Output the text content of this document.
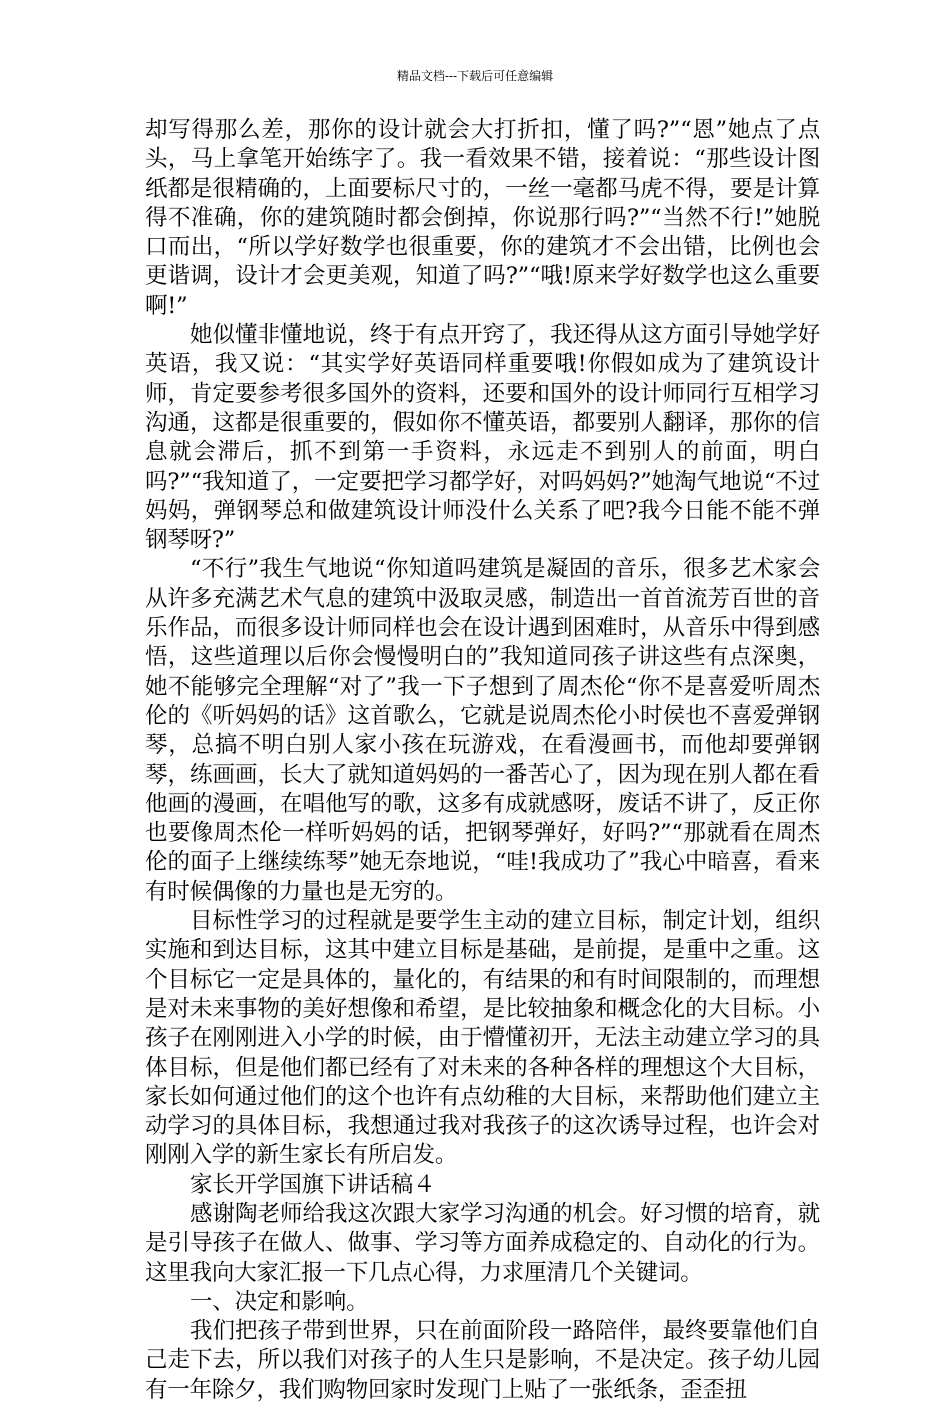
精品文档---下载后可任意编辑

却写得那么差，那你的设计就会大打折扣，懂了吗?”“恩”她点了点头，马上拿笔开始练字了。我一看效果不错，接着说：“那些设计图纸都是很精确的，上面要标尺寸的，一丝一毫都马虎不得，要是计算得不准确，你的建筑随时都会倒掉，你说那行吗?”“当然不行!”她脱口而出，“所以学好数学也很重要，你的建筑才不会出错，比例也会更谐调，设计才会更美观，知道了吗?”“哦!原来学好数学也这么重要啊!”

她似懂非懂地说，终于有点开窍了，我还得从这方面引导她学好英语，我又说：“其实学好英语同样重要哦!你假如成为了建筑设计师，肯定要参考很多国外的资料，还要和国外的设计师同行互相学习沟通，这都是很重要的，假如你不懂英语，都要别人翻译，那你的信息就会滞后，抓不到第一手资料，永远走不到别人的前面，明白吗?”“我知道了，一定要把学习都学好，对吗妈妈?”她淘气地说“不过妈妈，弹钢琴总和做建筑设计师没什么关系了吧?我今日能不能不弹钢琴呀?”

“不行”我生气地说“你知道吗建筑是凝固的音乐，很多艺术家会从许多充满艺术气息的建筑中汲取灵感，制造出一首首流芳百世的音乐作品，而很多设计师同样也会在设计遇到困难时，从音乐中得到感悟，这些道理以后你会慢慢明白的”我知道同孩子讲这些有点深奥，她不能够完全理解“对了”我一下子想到了周杰伦“你不是喜爱听周杰伦的《听妈妈的话》这首歌么，它就是说周杰伦小时侯也不喜爱弹钢琴，总搞不明白别人家小孩在玩游戏，在看漫画书，而他却要弹钢琴，练画画，长大了就知道妈妈的一番苦心了，因为现在别人都在看他画的漫画，在唱他写的歌，这多有成就感呀，废话不讲了，反正你也要像周杰伦一样听妈妈的话，把钢琴弹好，好吗?”“那就看在周杰伦的面子上继续练琴”她无奈地说，“哇!我成功了”我心中暗喜，看来有时候偶像的力量也是无穷的。

目标性学习的过程就是要学生主动的建立目标，制定计划，组织实施和到达目标，这其中建立目标是基础，是前提，是重中之重。这个目标它一定是具体的，量化的，有结果的和有时间限制的，而理想是对未来事物的美好想像和希望，是比较抽象和概念化的大目标。小孩子在刚刚进入小学的时候，由于懵懂初开，无法主动建立学习的具体目标，但是他们都已经有了对未来的各种各样的理想这个大目标，家长如何通过他们的这个也许有点幼稚的大目标，来帮助他们建立主动学习的具体目标，我想通过我对我孩子的这次诱导过程，也许会对刚刚入学的新生家长有所启发。

家长开学国旗下讲话稿４

感谢陶老师给我这次跟大家学习沟通的机会。好习惯的培育，就是引导孩子在做人、做事、学习等方面养成稳定的、自动化的行为。这里我向大家汇报一下几点心得，力求厘清几个关键词。

一、决定和影响。

我们把孩子带到世界，只在前面阶段一路陪伴，最终要靠他们自己走下去，所以我们对孩子的人生只是影响，不是决定。孩子幼儿园有一年除夕，我们购物回家时发现门上贴了一张纸条，歪歪扭
